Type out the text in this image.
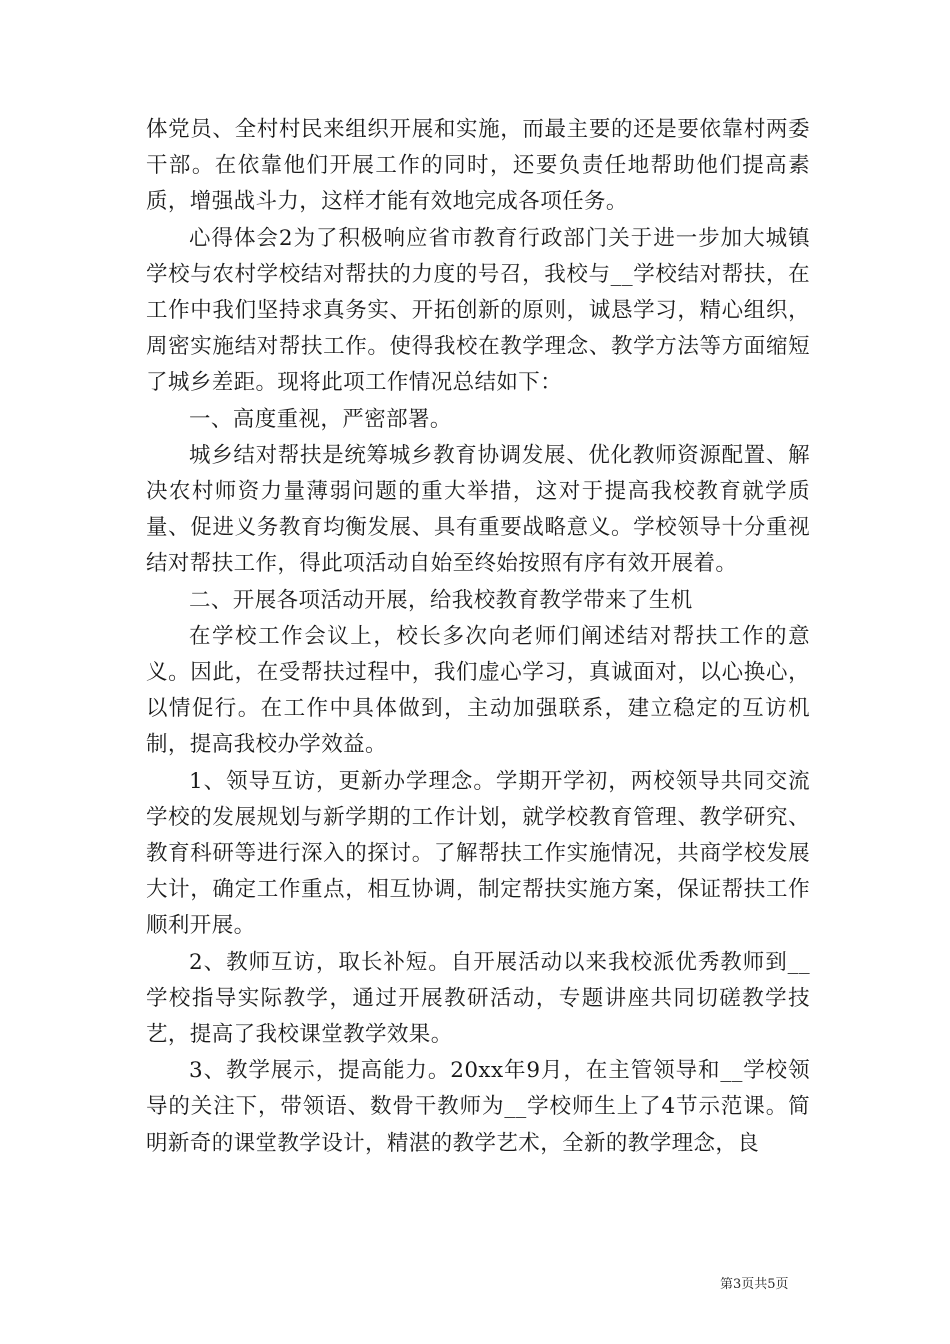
体党员、全村村民来组织开展和实施，而最主要的还是要依靠村两委干部。在依靠他们开展工作的同时，还要负责任地帮助他们提高素质，增强战斗力，这样才能有效地完成各项任务。

心得体会2为了积极响应省市教育行政部门关于进一步加大城镇学校与农村学校结对帮扶的力度的号召，我校与__学校结对帮扶，在工作中我们坚持求真务实、开拓创新的原则，诚恳学习，精心组织，周密实施结对帮扶工作。使得我校在教学理念、教学方法等方面缩短了城乡差距。现将此项工作情况总结如下：

一、高度重视，严密部署。

城乡结对帮扶是统筹城乡教育协调发展、优化教师资源配置、解决农村师资力量薄弱问题的重大举措，这对于提高我校教育就学质量、促进义务教育均衡发展、具有重要战略意义。学校领导十分重视结对帮扶工作，得此项活动自始至终始按照有序有效开展着。

二、开展各项活动开展，给我校教育教学带来了生机

在学校工作会议上，校长多次向老师们阐述结对帮扶工作的意义。因此，在受帮扶过程中，我们虚心学习，真诚面对，以心换心，以情促行。在工作中具体做到，主动加强联系，建立稳定的互访机制，提高我校办学效益。

1、领导互访，更新办学理念。学期开学初，两校领导共同交流学校的发展规划与新学期的工作计划，就学校教育管理、教学研究、教育科研等进行深入的探讨。了解帮扶工作实施情况，共商学校发展大计，确定工作重点，相互协调，制定帮扶实施方案，保证帮扶工作顺利开展。

2、教师互访，取长补短。自开展活动以来我校派优秀教师到__学校指导实际教学，通过开展教研活动，专题讲座共同切磋教学技艺，提高了我校课堂教学效果。

3、教学展示，提高能力。20xx年9月，在主管领导和__学校领导的关注下，带领语、数骨干教师为__学校师生上了4节示范课。简明新奇的课堂教学设计，精湛的教学艺术，全新的教学理念，良

第3页共5页
